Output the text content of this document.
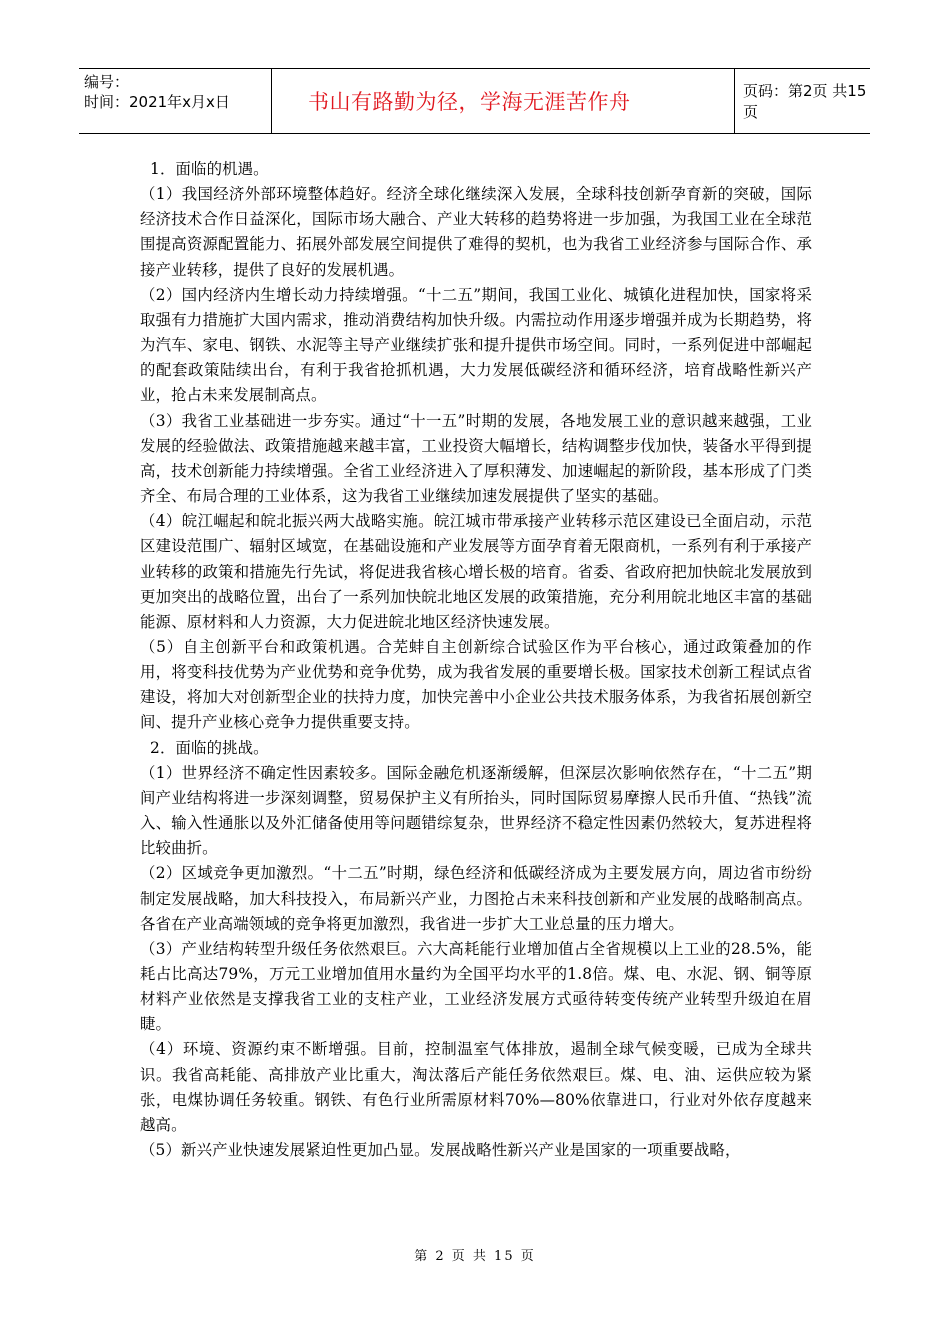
编号：
时间：2021年x月x日	书山有路勤为径，学海无涯苦作舟	页码：第2页 共15页

1．面临的机遇。

（1）我国经济外部环境整体趋好。经济全球化继续深入发展，全球科技创新孕育新的突破，国际经济技术合作日益深化，国际市场大融合、产业大转移的趋势将进一步加强，为我国工业在全球范围提高资源配置能力、拓展外部发展空间提供了难得的契机，也为我省工业经济参与国际合作、承接产业转移，提供了良好的发展机遇。

（2）国内经济内生增长动力持续增强。“十二五”期间，我国工业化、城镇化进程加快，国家将采取强有力措施扩大国内需求，推动消费结构加快升级。内需拉动作用逐步增强并成为长期趋势，将为汽车、家电、钢铁、水泥等主导产业继续扩张和提升提供市场空间。同时，一系列促进中部崛起的配套政策陆续出台，有利于我省抢抓机遇，大力发展低碳经济和循环经济，培育战略性新兴产业，抢占未来发展制高点。

（3）我省工业基础进一步夯实。通过“十一五”时期的发展，各地发展工业的意识越来越强，工业发展的经验做法、政策措施越来越丰富，工业投资大幅增长，结构调整步伐加快，装备水平得到提高，技术创新能力持续增强。全省工业经济进入了厚积薄发、加速崛起的新阶段，基本形成了门类齐全、布局合理的工业体系，这为我省工业继续加速发展提供了坚实的基础。

（4）皖江崛起和皖北振兴两大战略实施。皖江城市带承接产业转移示范区建设已全面启动，示范区建设范围广、辐射区域宽，在基础设施和产业发展等方面孕育着无限商机，一系列有利于承接产业转移的政策和措施先行先试，将促进我省核心增长极的培育。省委、省政府把加快皖北发展放到更加突出的战略位置，出台了一系列加快皖北地区发展的政策措施，充分利用皖北地区丰富的基础能源、原材料和人力资源，大力促进皖北地区经济快速发展。

（5）自主创新平台和政策机遇。合芜蚌自主创新综合试验区作为平台核心，通过政策叠加的作用，将变科技优势为产业优势和竞争优势，成为我省发展的重要增长极。国家技术创新工程试点省建设，将加大对创新型企业的扶持力度，加快完善中小企业公共技术服务体系，为我省拓展创新空间、提升产业核心竞争力提供重要支持。

2．面临的挑战。

（1）世界经济不确定性因素较多。国际金融危机逐渐缓解，但深层次影响依然存在，“十二五”期间产业结构将进一步深刻调整，贸易保护主义有所抬头，同时国际贸易摩擦人民币升值、“热钱”流入、输入性通胀以及外汇储备使用等问题错综复杂，世界经济不稳定性因素仍然较大，复苏进程将比较曲折。

（2）区域竞争更加激烈。“十二五”时期，绿色经济和低碳经济成为主要发展方向，周边省市纷纷制定发展战略，加大科技投入，布局新兴产业，力图抢占未来科技创新和产业发展的战略制高点。各省在产业高端领域的竞争将更加激烈，我省进一步扩大工业总量的压力增大。

（3）产业结构转型升级任务依然艰巨。六大高耗能行业增加值占全省规模以上工业的28.5%，能耗占比高达79%，万元工业增加值用水量约为全国平均水平的1.8倍。煤、电、水泥、钢、铜等原材料产业依然是支撑我省工业的支柱产业，工业经济发展方式亟待转变传统产业转型升级迫在眉睫。

（4）环境、资源约束不断增强。目前，控制温室气体排放，遏制全球气候变暖，已成为全球共识。我省高耗能、高排放产业比重大，淘汰落后产能任务依然艰巨。煤、电、油、运供应较为紧张，电煤协调任务较重。钢铁、有色行业所需原材料70%—80%依靠进口，行业对外依存度越来越高。

（5）新兴产业快速发展紧迫性更加凸显。发展战略性新兴产业是国家的一项重要战略，

第 2 页 共 15 页
